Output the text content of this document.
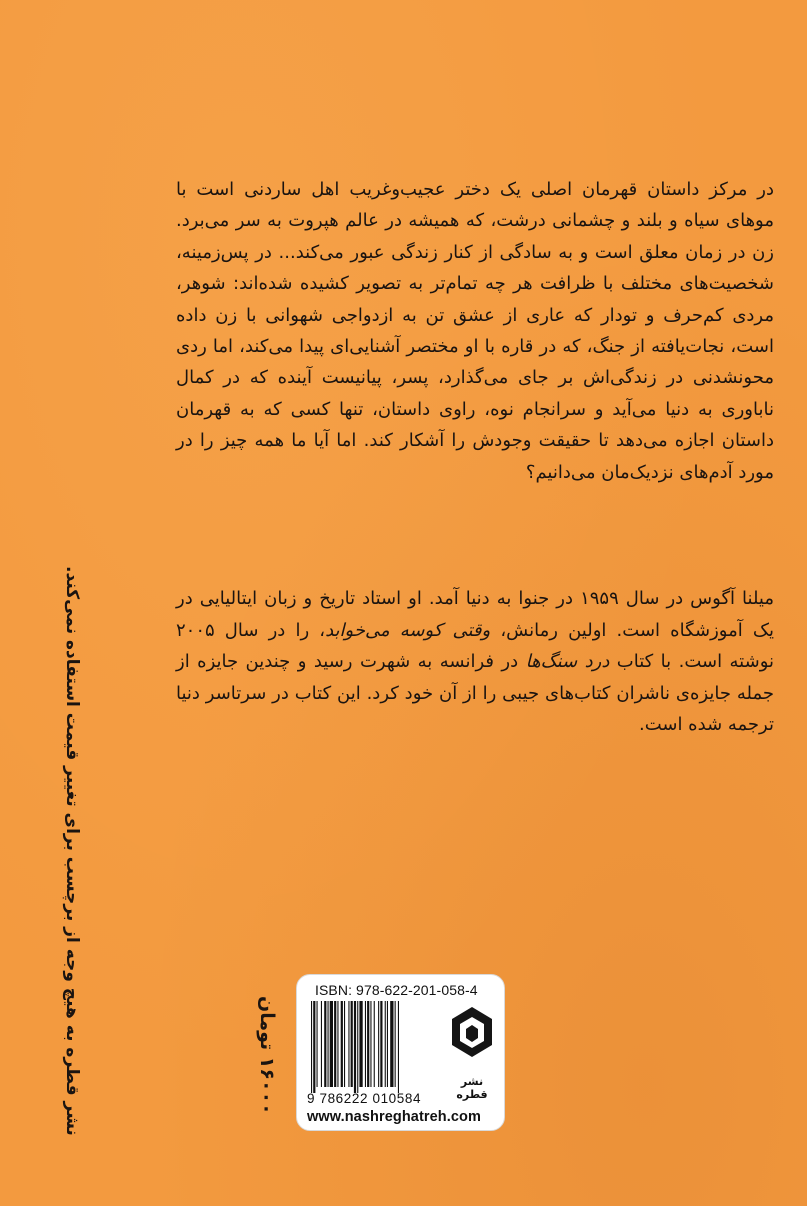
در مرکز داستان قهرمان اصلی یک دختر عجیب‌وغریب اهل ساردنی است با موهای سیاه و بلند و چشمانی درشت، که همیشه در عالم هپروت به سر می‌برد. زن در زمان معلق است و به سادگی از کنار زندگی عبور می‌کند... در پس‌زمینه، شخصیت‌های مختلف با ظرافت هر چه تمام‌تر به تصویر کشیده شده‌اند: شوهر، مردی کم‌حرف و تودار که عاری از عشق تن به ازدواجی شهوانی با زن داده است، نجات‌یافته از جنگ، که در قاره با او مختصر آشنایی‌ای پیدا می‌کند، اما ردی محونشدنی در زندگی‌اش بر جای می‌گذارد، پسر، پیانیست آینده که در کمال ناباوری به دنیا می‌آید و سرانجام نوه، راوی داستان، تنها کسی که به قهرمان داستان اجازه می‌دهد تا حقیقت وجودش را آشکار کند. اما آیا ما همه چیز را در مورد آدم‌های نزدیک‌مان می‌دانیم؟

میلنا آگوس در سال ۱۹۵۹ در جنوا به دنیا آمد. او استاد تاریخ و زبان ایتالیایی در یک آموزشگاه است. اولین رمانش، وقتی کوسه می‌خوابد، را در سال ۲۰۰۵ نوشته است. با کتاب درد سنگ‌ها در فرانسه به شهرت رسید و چندین جایزه از جمله جایزه‌ی ناشران کتاب‌های جیبی را از آن خود کرد. این کتاب در سرتاسر دنیا ترجمه شده است.

نشر قطره به هیچ وجه از برچسب برای تغییر قیمت استفاده نمی‌کند.	۱۶۰۰۰ تومان
ISBN: 978-622-201-058-4
9 786222 010584
نشر قطره
www.nashreghatreh.com
